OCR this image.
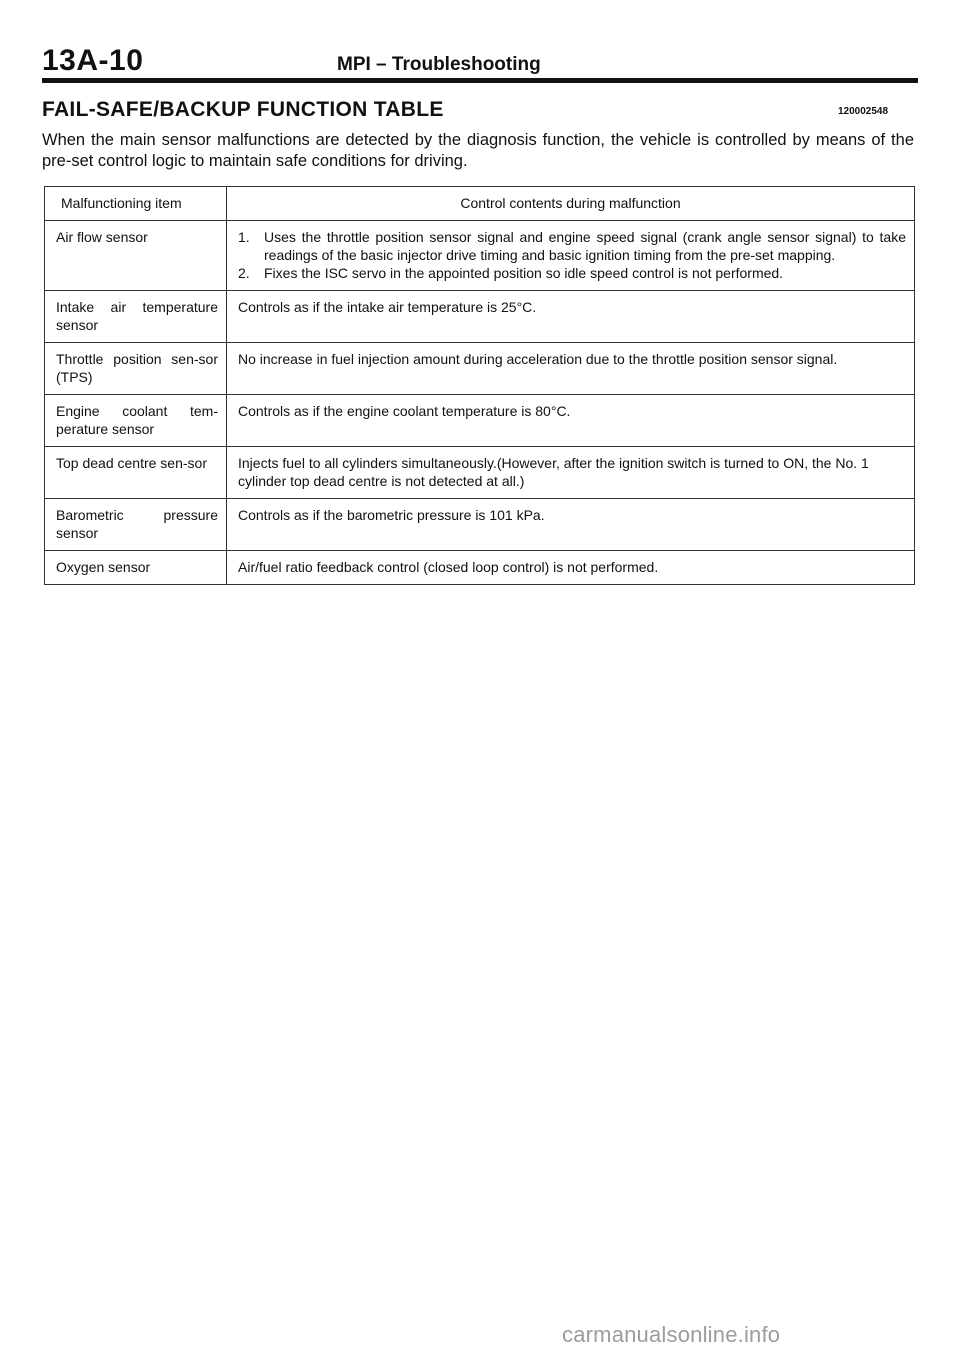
13A-10	MPI – Troubleshooting
FAIL-SAFE/BACKUP FUNCTION TABLE	120002548
When the main sensor malfunctions are detected by the diagnosis function, the vehicle is controlled by means of the pre-set control logic to maintain safe conditions for driving.
Malfunctioning item	Control contents during malfunction
Air flow sensor	1. Uses the throttle position sensor signal and engine speed signal (crank angle sensor signal) to take readings of the basic injector drive timing and basic ignition timing from the pre-set mapping.
2. Fixes the ISC servo in the appointed position so idle speed control is not performed.

Intake air temperature sensor	Controls as if the intake air temperature is 25°C.
Throttle position sen-sor (TPS)	No increase in fuel injection amount during acceleration due to the throttle position sensor signal.
Engine coolant tem-perature sensor	Controls as if the engine coolant temperature is 80°C.
Top dead centre sen-sor	Injects fuel to all cylinders simultaneously.(However, after the ignition switch is turned to ON, the No. 1 cylinder top dead centre is not detected at all.)
Barometric pressure sensor	Controls as if the barometric pressure is 101 kPa.
Oxygen sensor	Air/fuel ratio feedback control (closed loop control) is not performed.
carmanualsonline.info
